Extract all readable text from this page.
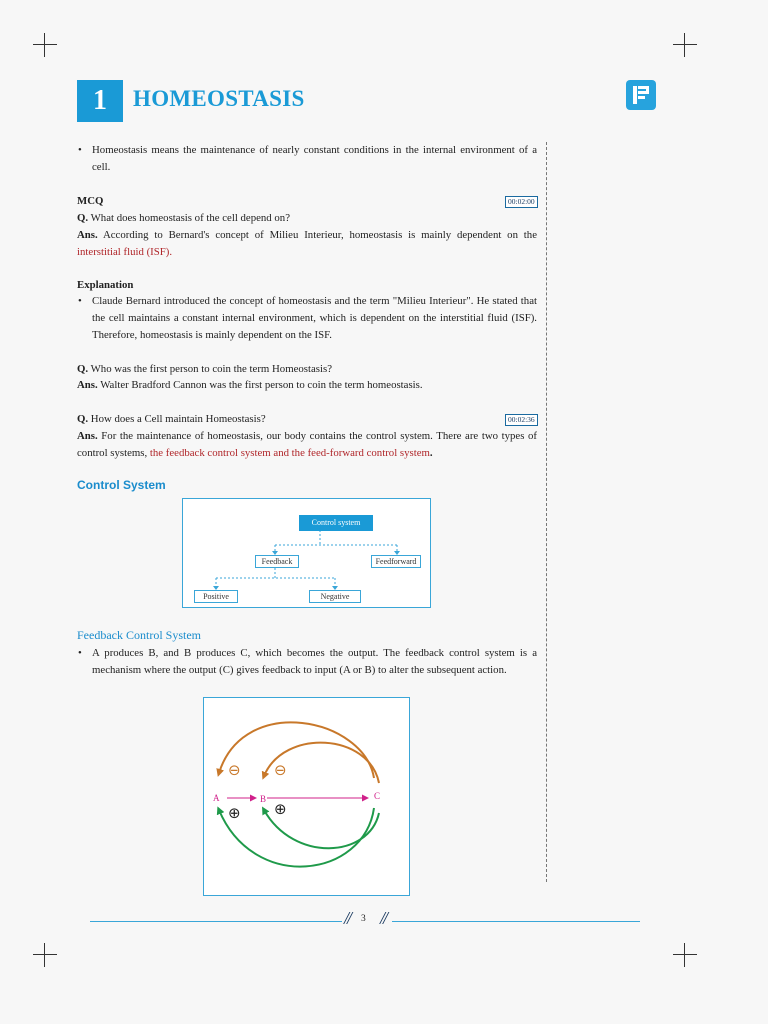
1	HOMEOSTASIS
• Homeostasis means the maintenance of nearly constant conditions in the internal environment of a cell.
MCQ	00:02:00
Q. What does homeostasis of the cell depend on?
Ans. According to Bernard's concept of Milieu Interieur, homeostasis is mainly dependent on the interstitial fluid (ISF).
Explanation
• Claude Bernard introduced the concept of homeostasis and the term "Milieu Interieur". He stated that the cell maintains a constant internal environment, which is dependent on the interstitial fluid (ISF). Therefore, homeostasis is mainly dependent on the ISF.
Q. Who was the first person to coin the term Homeostasis?
Ans. Walter Bradford Cannon was the first person to coin the term homeostasis.
Q. How does a Cell maintain Homeostasis?	00:02:36
Ans. For the maintenance of homeostasis, our body contains the control system. There are two types of control systems, the feedback control system and the feed-forward control system.
Control System
Control system
Feedback	Feedforward
Positive	Negative
Feedback Control System
• A produces B, and B produces C, which becomes the output. The feedback control system is a mechanism where the output (C) gives feedback to input (A or B) to alter the subsequent action.
A	B	C
⊖ ⊖
⊕ ⊕
// //
3
